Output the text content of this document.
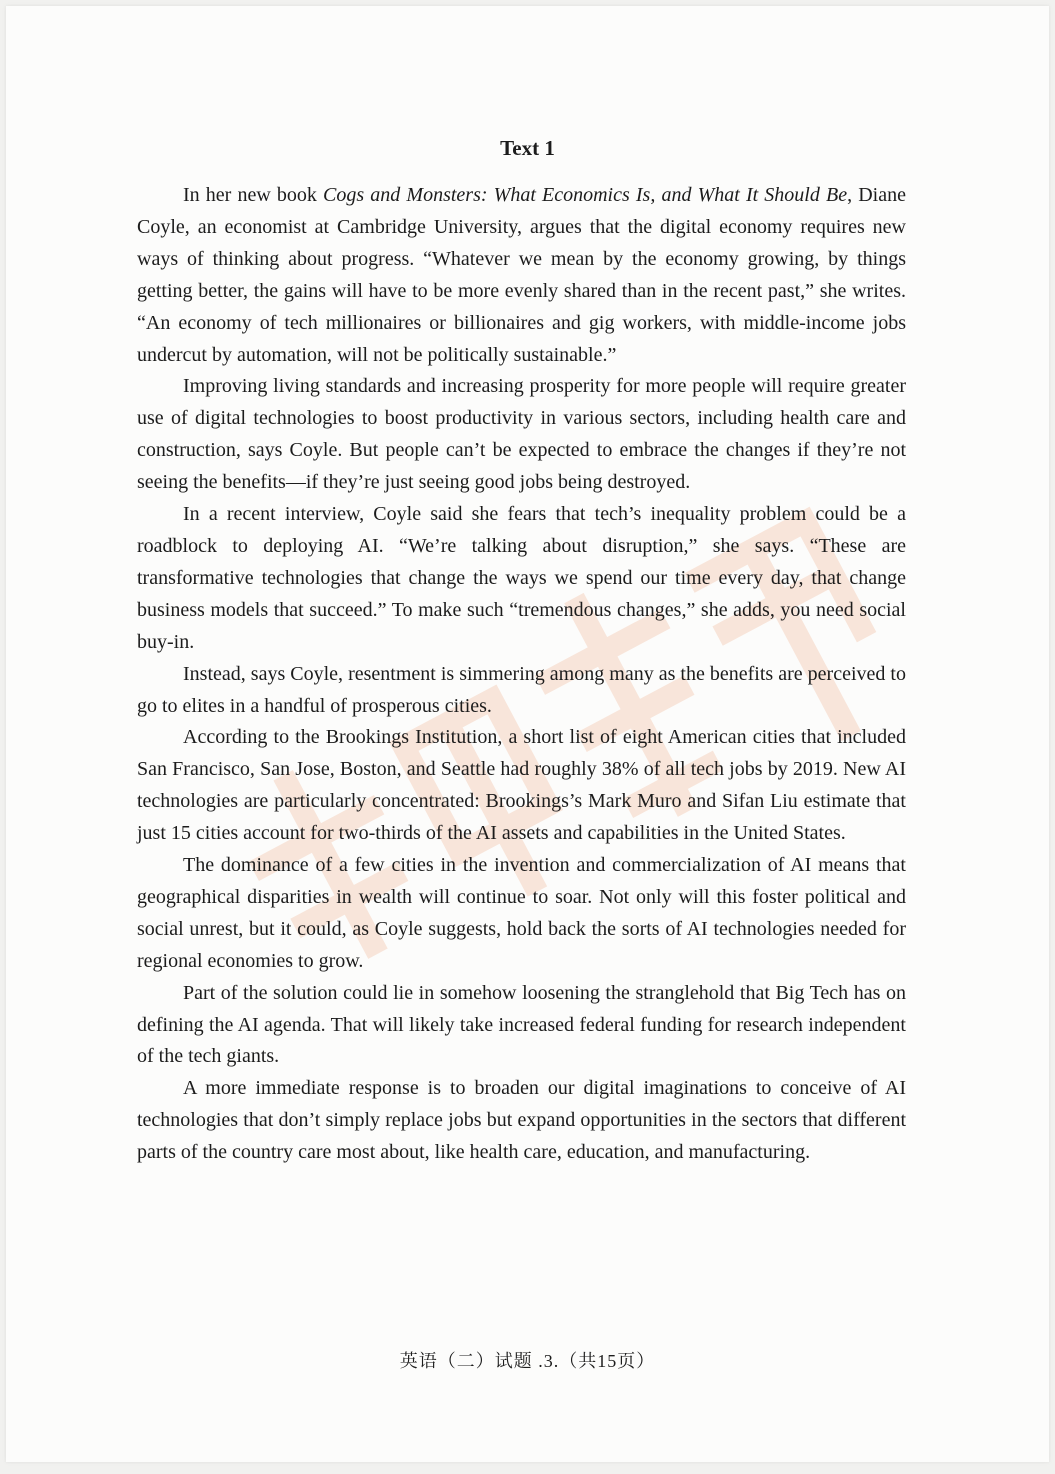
Text 1

In her new book Cogs and Monsters: What Economics Is, and What It Should Be, Diane Coyle, an economist at Cambridge University, argues that the digital economy requires new ways of thinking about progress. “Whatever we mean by the economy growing, by things getting better, the gains will have to be more evenly shared than in the recent past,” she writes. “An economy of tech millionaires or billionaires and gig workers, with middle-income jobs undercut by automation, will not be politically sustainable.”

Improving living standards and increasing prosperity for more people will require greater use of digital technologies to boost productivity in various sectors, including health care and construction, says Coyle. But people can’t be expected to embrace the changes if they’re not seeing the benefits—if they’re just seeing good jobs being destroyed.

In a recent interview, Coyle said she fears that tech’s inequality problem could be a roadblock to deploying AI. “We’re talking about disruption,” she says. “These are transformative technologies that change the ways we spend our time every day, that change business models that succeed.” To make such “tremendous changes,” she adds, you need social buy-in.

Instead, says Coyle, resentment is simmering among many as the benefits are perceived to go to elites in a handful of prosperous cities.

According to the Brookings Institution, a short list of eight American cities that included San Francisco, San Jose, Boston, and Seattle had roughly 38% of all tech jobs by 2019. New AI technologies are particularly concentrated: Brookings’s Mark Muro and Sifan Liu estimate that just 15 cities account for two-thirds of the AI assets and capabilities in the United States.

The dominance of a few cities in the invention and commercialization of AI means that geographical disparities in wealth will continue to soar. Not only will this foster political and social unrest, but it could, as Coyle suggests, hold back the sorts of AI technologies needed for regional economies to grow.

Part of the solution could lie in somehow loosening the stranglehold that Big Tech has on defining the AI agenda. That will likely take increased federal funding for research independent of the tech giants.

A more immediate response is to broaden our digital imaginations to conceive of AI technologies that don’t simply replace jobs but expand opportunities in the sectors that different parts of the country care most about, like health care, education, and manufacturing.

英语（二）试题 .3.（共15页）
